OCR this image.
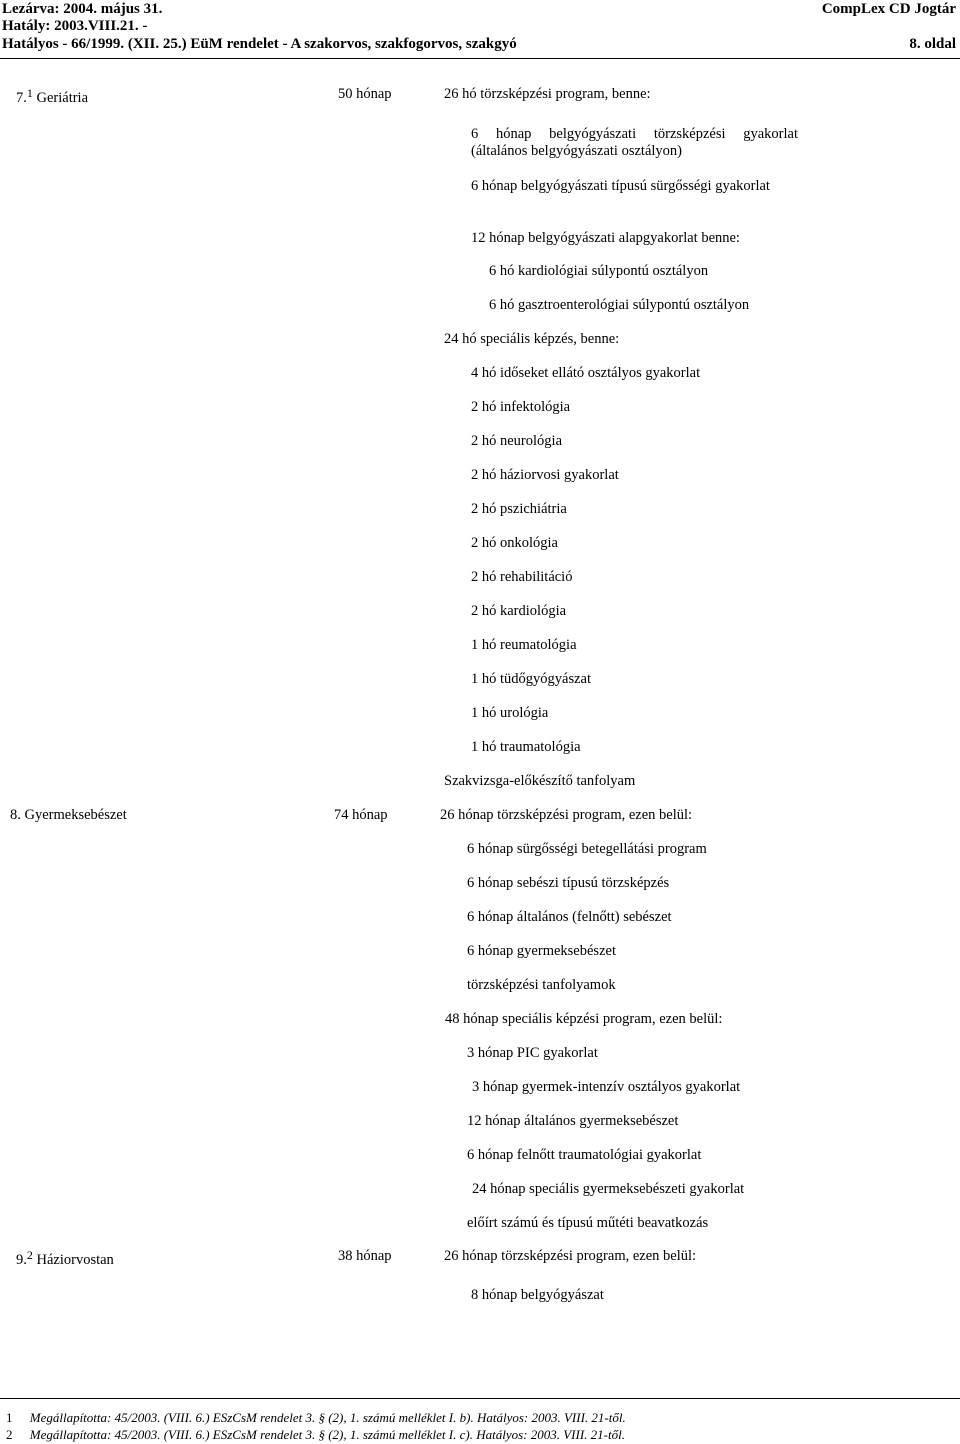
Lezárva: 2004. május 31.
Hatály: 2003.VIII.21. -
Hatályos - 66/1999. (XII. 25.) EüM rendelet - A szakorvos, szakfogorvos, szakgyó
CompLex CD Jogtár
8. oldal
7.$^1$ Geriátria	50 hónap	26 hó törzsképzési program, benne:
6 hónap belgyógyászati törzsképzési gyakorlat (általános belgyógyászati osztályon)
6 hónap belgyógyászati típusú sürgősségi gyakorlat
12 hónap belgyógyászati alapgyakorlat benne:
6 hó kardiológiai súlypontú osztályon
6 hó gasztroenterológiai súlypontú osztályon
24 hó speciális képzés, benne:
4 hó időseket ellátó osztályos gyakorlat
2 hó infektológia
2 hó neurológia
2 hó háziorvosi gyakorlat
2 hó pszichiátria
2 hó onkológia
2 hó rehabilitáció
2 hó kardiológia
1 hó reumatológia
1 hó tüdőgyógyászat
1 hó urológia
1 hó traumatológia
Szakvizsga-előkészítő tanfolyam
8. Gyermeksebészet	74 hónap	26 hónap törzsképzési program, ezen belül:
6 hónap sürgősségi betegellátási program
6 hónap sebészi típusú törzsképzés
6 hónap általános (felnőtt) sebészet
6 hónap gyermeksebészet
törzsképzési tanfolyamok
48 hónap speciális képzési program, ezen belül:
3 hónap PIC gyakorlat
3 hónap gyermek-intenzív osztályos gyakorlat
12 hónap általános gyermeksebészet
6 hónap felnőtt traumatológiai gyakorlat
24 hónap speciális gyermeksebészeti gyakorlat
előírt számú és típusú műtéti beavatkozás
9.$^2$ Háziorvostan	38 hónap	26 hónap törzsképzési program, ezen belül:
8 hónap belgyógyászat
1 Megállapította: 45/2003. (VIII. 6.) ESzCsM rendelet 3. § (2), 1. számú melléklet I. b). Hatályos: 2003. VIII. 21-től.
2 Megállapította: 45/2003. (VIII. 6.) ESzCsM rendelet 3. § (2), 1. számú melléklet I. c). Hatályos: 2003. VIII. 21-től.
